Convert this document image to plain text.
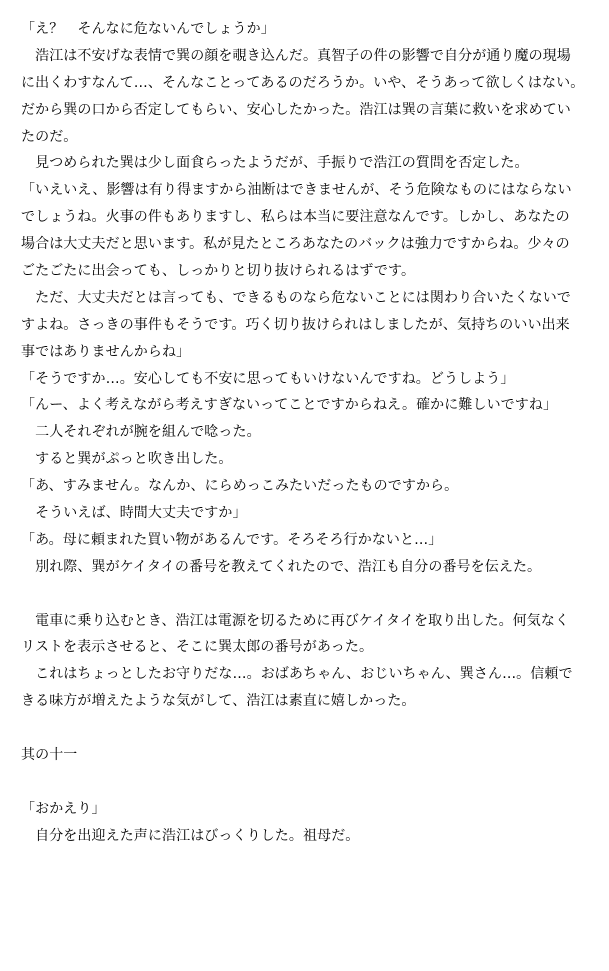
「え？　そんなに危ないんでしょうか」
　浩江は不安げな表情で巽の顔を覗き込んだ。真智子の件の影響で自分が通り魔の現場
に出くわすなんて…、そんなことってあるのだろうか。いや、そうあって欲しくはない。
だから巽の口から否定してもらい、安心したかった。浩江は巽の言葉に救いを求めてい
たのだ。
　見つめられた巽は少し面食らったようだが、手振りで浩江の質問を否定した。
「いえいえ、影響は有り得ますから油断はできませんが、そう危険なものにはならない
でしょうね。火事の件もありますし、私らは本当に要注意なんです。しかし、あなたの
場合は大丈夫だと思います。私が見たところあなたのバックは強力ですからね。少々の
ごたごたに出会っても、しっかりと切り抜けられるはずです。
　ただ、大丈夫だとは言っても、できるものなら危ないことには関わり合いたくないで
すよね。さっきの事件もそうです。巧く切り抜けられはしましたが、気持ちのいい出来
事ではありませんからね」
「そうですか…。安心しても不安に思ってもいけないんですね。どうしよう」
「んー、よく考えながら考えすぎないってことですからねえ。確かに難しいですね」
　二人それぞれが腕を組んで唸った。
　すると巽がぷっと吹き出した。
「あ、すみません。なんか、にらめっこみたいだったものですから。
　そういえば、時間大丈夫ですか」
「あ。母に頼まれた買い物があるんです。そろそろ行かないと…」
　別れ際、巽がケイタイの番号を教えてくれたので、浩江も自分の番号を伝えた。
　電車に乗り込むとき、浩江は電源を切るために再びケイタイを取り出した。何気なく
リストを表示させると、そこに巽太郎の番号があった。
　これはちょっとしたお守りだな…。おばあちゃん、おじいちゃん、巽さん…。信頼で
きる味方が増えたような気がして、浩江は素直に嬉しかった。
其の十一
「おかえり」
　自分を出迎えた声に浩江はびっくりした。祖母だ。
